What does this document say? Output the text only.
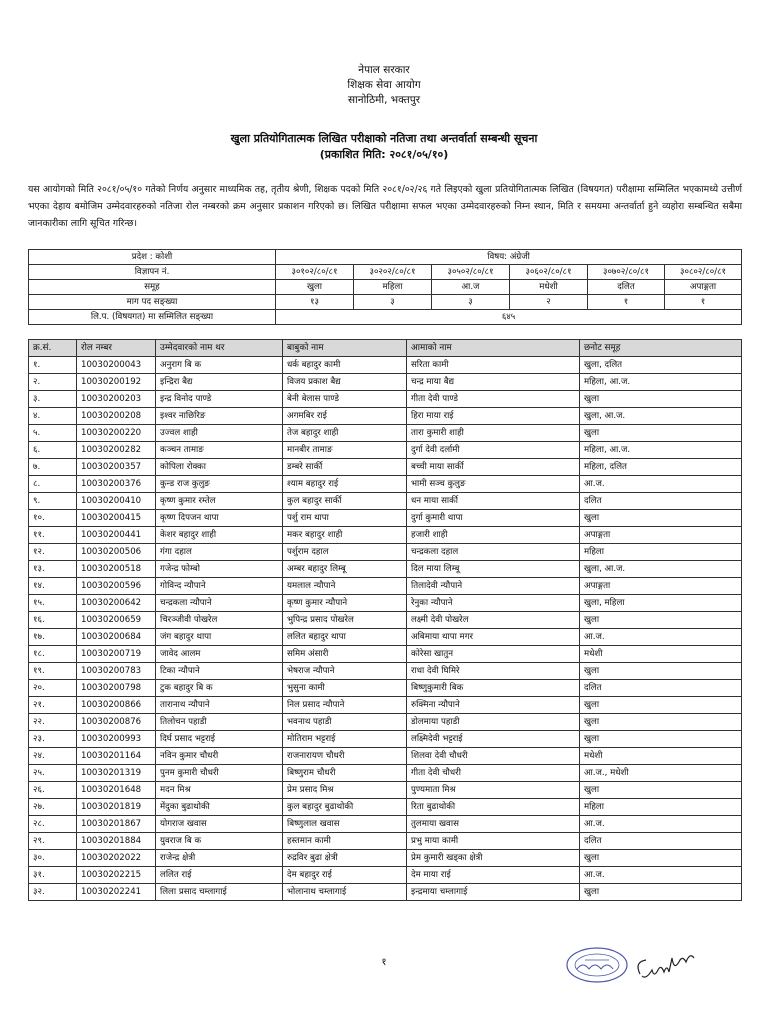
नेपाल सरकार
शिक्षक सेवा आयोग
सानोठिमी, भक्तपुर
खुला प्रतियोगितात्मक लिखित परीक्षाको नतिजा तथा अन्तर्वार्ता सम्बन्धी सूचना
(प्रकाशित मिति: २०८१/०५/१०)
यस आयोगको मिति २०८१/०५/१० गतेको निर्णय अनुसार माध्यमिक तह, तृतीय श्रेणी, शिक्षक पदको मिति २०८१/०२/२६ गते लिइएको खुला प्रतियोगितात्मक लिखित (विषयगत) परीक्षामा सम्मिलित भएकामध्ये उत्तीर्ण भएका देहाय बमोजिम उम्मेदवारहरुको नतिजा रोल नम्बरको क्रम अनुसार प्रकाशन गरिएको छ। लिखित परीक्षामा सफल भएका उम्मेदवारहरुको निम्न स्थान, मिति र समयमा अन्तर्वार्ता हुने व्यहोरा सम्बन्धित सबैमा जानकारीका लागि सूचित गरिन्छ।
प्रदेश : कोशी	विषय: अंग्रेजी					
विज्ञापन नं.	३०१०२/८०/८१	३०२०२/८०/८१	३०५०२/८०/८१	३०६०२/८०/८१	३०७०२/८०/८१	३०८०२/८०/८१
समूह	खुला	महिला	आ.ज	मधेशी	दलित	अपाङ्गता
माग पद सङ्ख्या	१३	३	३	२	१	१
लि.प. (विषयगत) मा सम्मिलित सङ्ख्या	६४५					
क्र.सं.	रोल नम्बर	उम्मेदवारको नाम थर	बाबुको नाम	आमाको नाम	छनोट समूह
१.	10030200043	अनुराग बि क	धर्क बहादुर कामी	सरिता कामी	खुला, दलित
२.	10030200192	इन्द्रिरा बैद्य	विजय प्रकाश बैद्य	चन्द्र माया बैद्य	महिला, आ.ज.
३.	10030200203	इन्द्र विनोद पाण्डे	बेनी बेलास पाण्डे	गीता देवी पाण्डे	खुला
४.	10030200208	इश्वर नाछिरिङ	अगमबिर राई	हिरा माया राई	खुला, आ.ज.
५.	10030200220	उज्वल शाही	तेज बहादुर शाही	तारा कुमारी शाही	खुला
६.	10030200282	कञ्चन तामाङ	मानबीर तामाङ	दुर्गा देवी दर्लामी	महिला, आ.ज.
७.	10030200357	कोपिला रोक्का	डम्बरे सार्की	बच्ची माया सार्की	महिला, दलित
८.	10030200376	कुन्ड राज कुलुङ	श्याम बहादुर राई	भामी सञ्च कुलुङ	आ.ज.
९.	10030200410	कृष्ण कुमार रम्तेल	कुल बहादुर सार्की	धन माया सार्की	दलित
१०.	10030200415	कृष्ण दिपजन थापा	पर्शु राम थापा	दुर्गा कुमारी थापा	खुला
११.	10030200441	केशर बहादुर शाही	मकर बहादुर शाही	हजारी शाही	अपाङ्गता
१२.	10030200506	गंगा दहाल	पर्शुराम दहाल	चन्द्रकला दहाल	महिला
१३.	10030200518	गजेन्द्र फोम्बो	अम्बर बहादुर लिम्बू	दिल माया लिम्बू	खुला, आ.ज.
१४.	10030200596	गोविन्द न्यौपाने	यमलाल न्यौपाने	तिलादेवी न्यौपाने	अपाङ्गता
१५.	10030200642	चन्द्रकला न्यौपाने	कृष्ण कुमार न्यौपाने	रेनुका न्यौपाने	खुला, महिला
१६.	10030200659	चिरञ्जीवी पोखरेल	भुपिन्द्र प्रसाद पोखरेल	लक्ष्मी देवी पोखरेल	खुला
१७.	10030200684	जंग बहादुर थापा	ललित बहादुर थापा	अबिमाया थापा मगर	आ.ज.
१८.	10030200719	जावेद आलम	समिम अंसारी	कोरेसा खातुन	मधेशी
१९.	10030200783	टिका न्यौपाने	भेषराज न्यौपाने	राधा देवी घिमिरे	खुला
२०.	10030200798	टुक बहादुर बि क	भुसुना कामी	बिष्णुकुमारी बिक	दलित
२१.	10030200866	तारानाथ न्यौपाने	निल प्रसाद न्यौपाने	रुक्मिना न्यौपाने	खुला
२२.	10030200876	तिलोचन पहाडी	भवनाथ पहाडी	डोलमाया पहाडी	खुला
२३.	10030200993	दिर्घ प्रसाद भट्टराई	मोतिराम भट्टराई	लक्ष्मिदेवी भट्टराई	खुला
२४.	10030201164	नविन कुमार चौधरी	राजनारायण चौधरी	शिलवा देवी चौधरी	मधेशी
२५.	10030201319	पुनम कुमारी चौधरी	बिष्णुराम चौधरी	गीता देवी चौधरी	आ.ज., मधेशी
२६.	10030201648	मदन मिश्र	प्रेम प्रसाद मिश्र	पुण्यमाता मिश्र	खुला
२७.	10030201819	मेंदुका बुढाथोकी	कुल बहादुर बुढाथोकी	रिता बुढाथोकी	महिला
२८.	10030201867	योगराज खवास	बिष्णुलाल खवास	तुलमाया खवास	आ.ज.
२९.	10030201884	युवराज बि क	हस्तमान कामी	प्रभु माया कामी	दलित
३०.	10030202022	राजेन्द्र क्षेत्री	रुद्रविर बुढा क्षेत्री	प्रेम कुमारी खड्का क्षेत्री	खुला
३१.	10030202215	ललित राई	देम बहादुर राई	देम माया राई	आ.ज.
३२.	10030202241	लिला प्रसाद चम्लागाई	भोलानाथ चम्लागाई	इन्द्रमाया चम्लागाई	खुला
१
